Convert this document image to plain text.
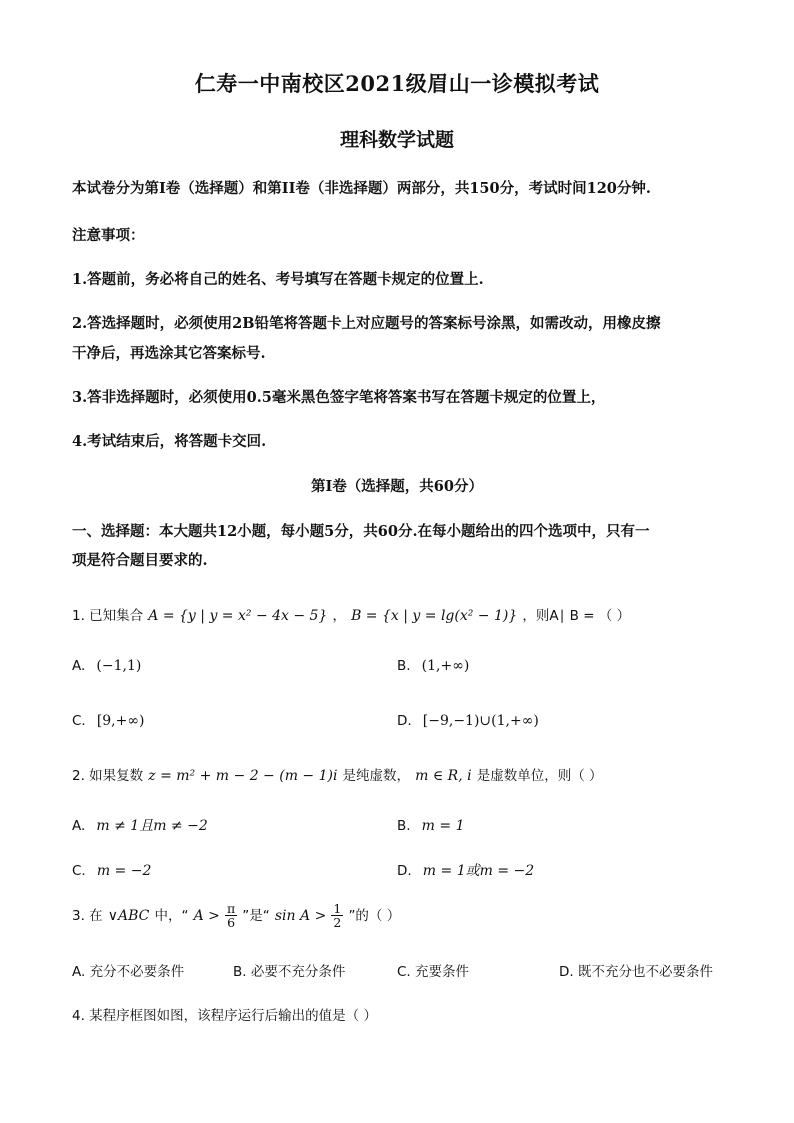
仁寿一中南校区2021级眉山一诊模拟考试
理科数学试题
本试卷分为第I卷（选择题）和第II卷（非选择题）两部分，共150分，考试时间120分钟.
注意事项：
1.答题前，务必将自己的姓名、考号填写在答题卡规定的位置上.
2.答选择题时，必须使用2B铅笔将答题卡上对应题号的答案标号涂黑，如需改动，用橡皮擦
干净后，再选涂其它答案标号.
3.答非选择题时，必须使用0.5毫米黑色签字笔将答案书写在答题卡规定的位置上，
4.考试结束后，将答题卡交回.
第I卷（选择题，共60分）
一、选择题：本大题共12小题，每小题5分，共60分.在每小题给出的四个选项中，只有一
项是符合题目要求的.
1. 已知集合 A = {y | y = x² − 4x − 5} ， B = {x | y = lg(x² − 1)} ，则A∣ B = （ ）
A. (−1,1)	B. (1,+∞)
C. [9,+∞)	D. [−9,−1)∪(1,+∞)
2. 如果复数 z = m² + m − 2 − (m − 1)i 是纯虚数， m ∈ R, i 是虚数单位，则（ ）
A. m ≠ 1且m ≠ −2	B. m = 1
C. m = −2	D. m = 1或m = −2
3. 在 ∨ABC 中，“ $A > \frac{\pi}{6}$ ”是“ $\sin A > \frac{1}{2}$ ”的（ ）
A. 充分不必要条件	B. 必要不充分条件	C. 充要条件	D. 既不充分也不必要条件
4. 某程序框图如图，该程序运行后输出的值是（ ）
